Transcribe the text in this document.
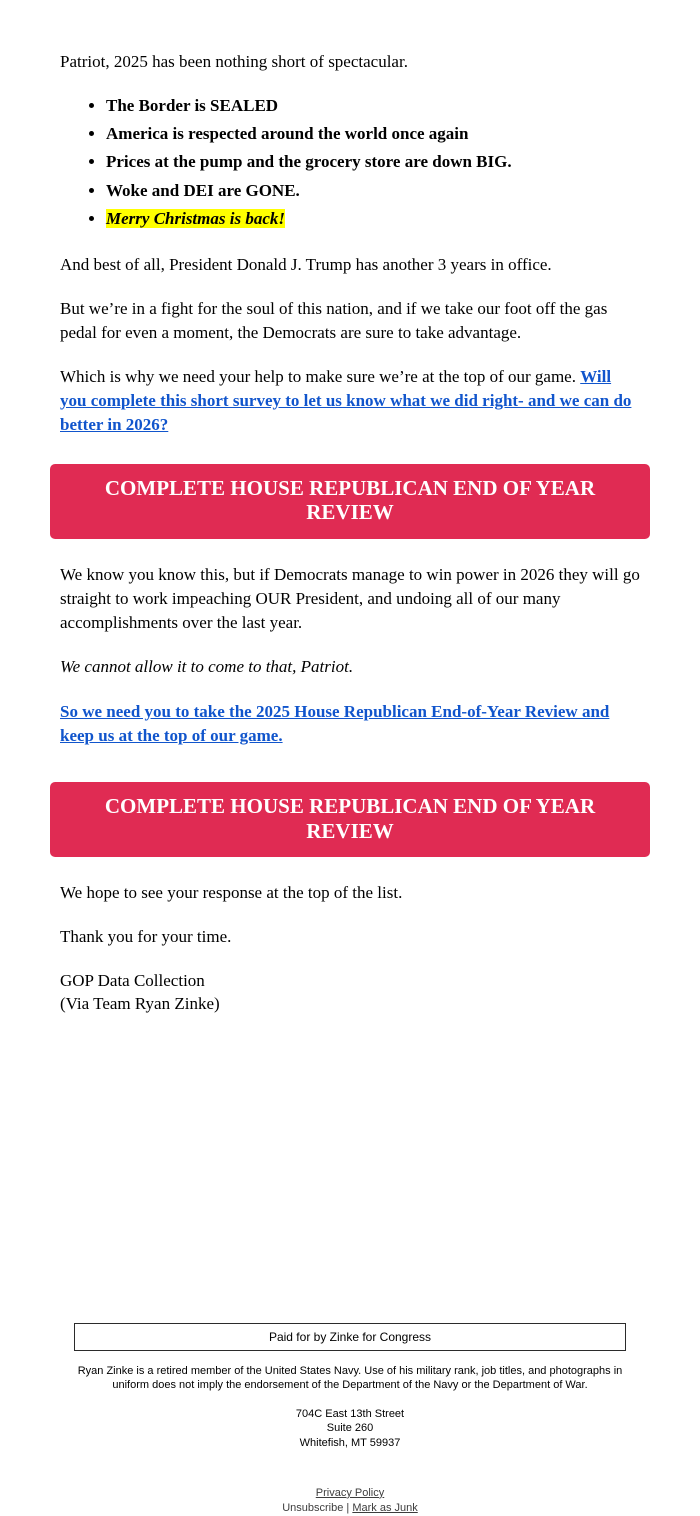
Patriot, 2025 has been nothing short of spectacular.

• The Border is SEALED
• America is respected around the world once again
• Prices at the pump and the grocery store are down BIG.
• Woke and DEI are GONE.
• Merry Christmas is back!

And best of all, President Donald J. Trump has another 3 years in office.

But we’re in a fight for the soul of this nation, and if we take our foot off the gas pedal for even a moment, the Democrats are sure to take advantage.

Which is why we need your help to make sure we’re at the top of our game. Will you complete this short survey to let us know what we did right- and we can do better in 2026?

COMPLETE HOUSE REPUBLICAN END OF YEAR REVIEW

We know you know this, but if Democrats manage to win power in 2026 they will go straight to work impeaching OUR President, and undoing all of our many accomplishments over the last year.

We cannot allow it to come to that, Patriot.

So we need you to take the 2025 House Republican End-of-Year Review and keep us at the top of our game.

COMPLETE HOUSE REPUBLICAN END OF YEAR REVIEW

We hope to see your response at the top of the list.

Thank you for your time.

GOP Data Collection
(Via Team Ryan Zinke)

Paid for by Zinke for Congress
Ryan Zinke is a retired member of the United States Navy. Use of his military rank, job titles, and photographs in uniform does not imply the endorsement of the Department of the Navy or the Department of War.
704C East 13th Street
Suite 260
Whitefish, MT 59937
Privacy Policy
Unsubscribe | Mark as Junk
